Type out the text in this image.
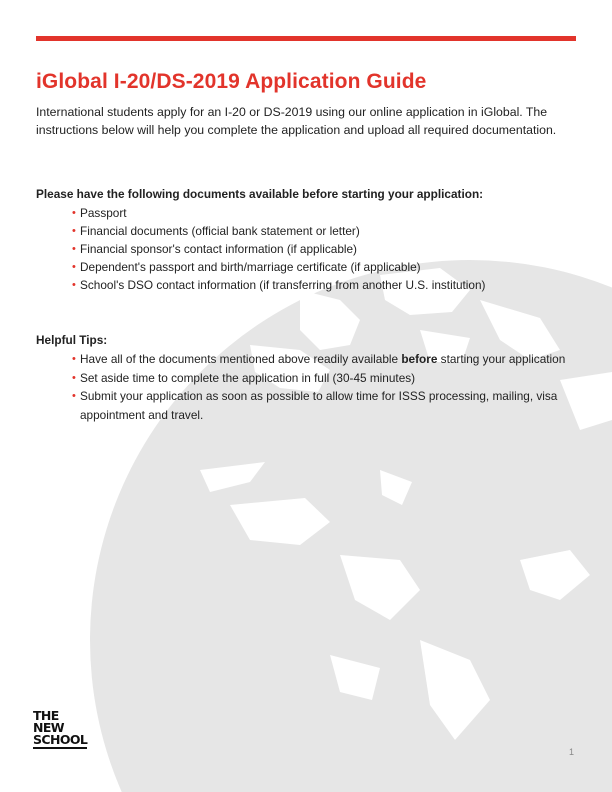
iGlobal I-20/DS-2019 Application Guide

International students apply for an I-20 or DS-2019 using our online application in iGlobal. The instructions below will help you complete the application and upload all required documentation.

Please have the following documents available before starting your application:

• Passport
• Financial documents (official bank statement or letter)
• Financial sponsor's contact information (if applicable)
• Dependent's passport and birth/marriage certificate (if applicable)
• School's DSO contact information (if transferring from another U.S. institution)

Helpful Tips:

• Have all of the documents mentioned above readily available before starting your application
• Set aside time to complete the application in full (30-45 minutes)
• Submit your application as soon as possible to allow time for ISSS processing, mailing, visa appointment and travel.
THE
NEW
SCHOOL
1
